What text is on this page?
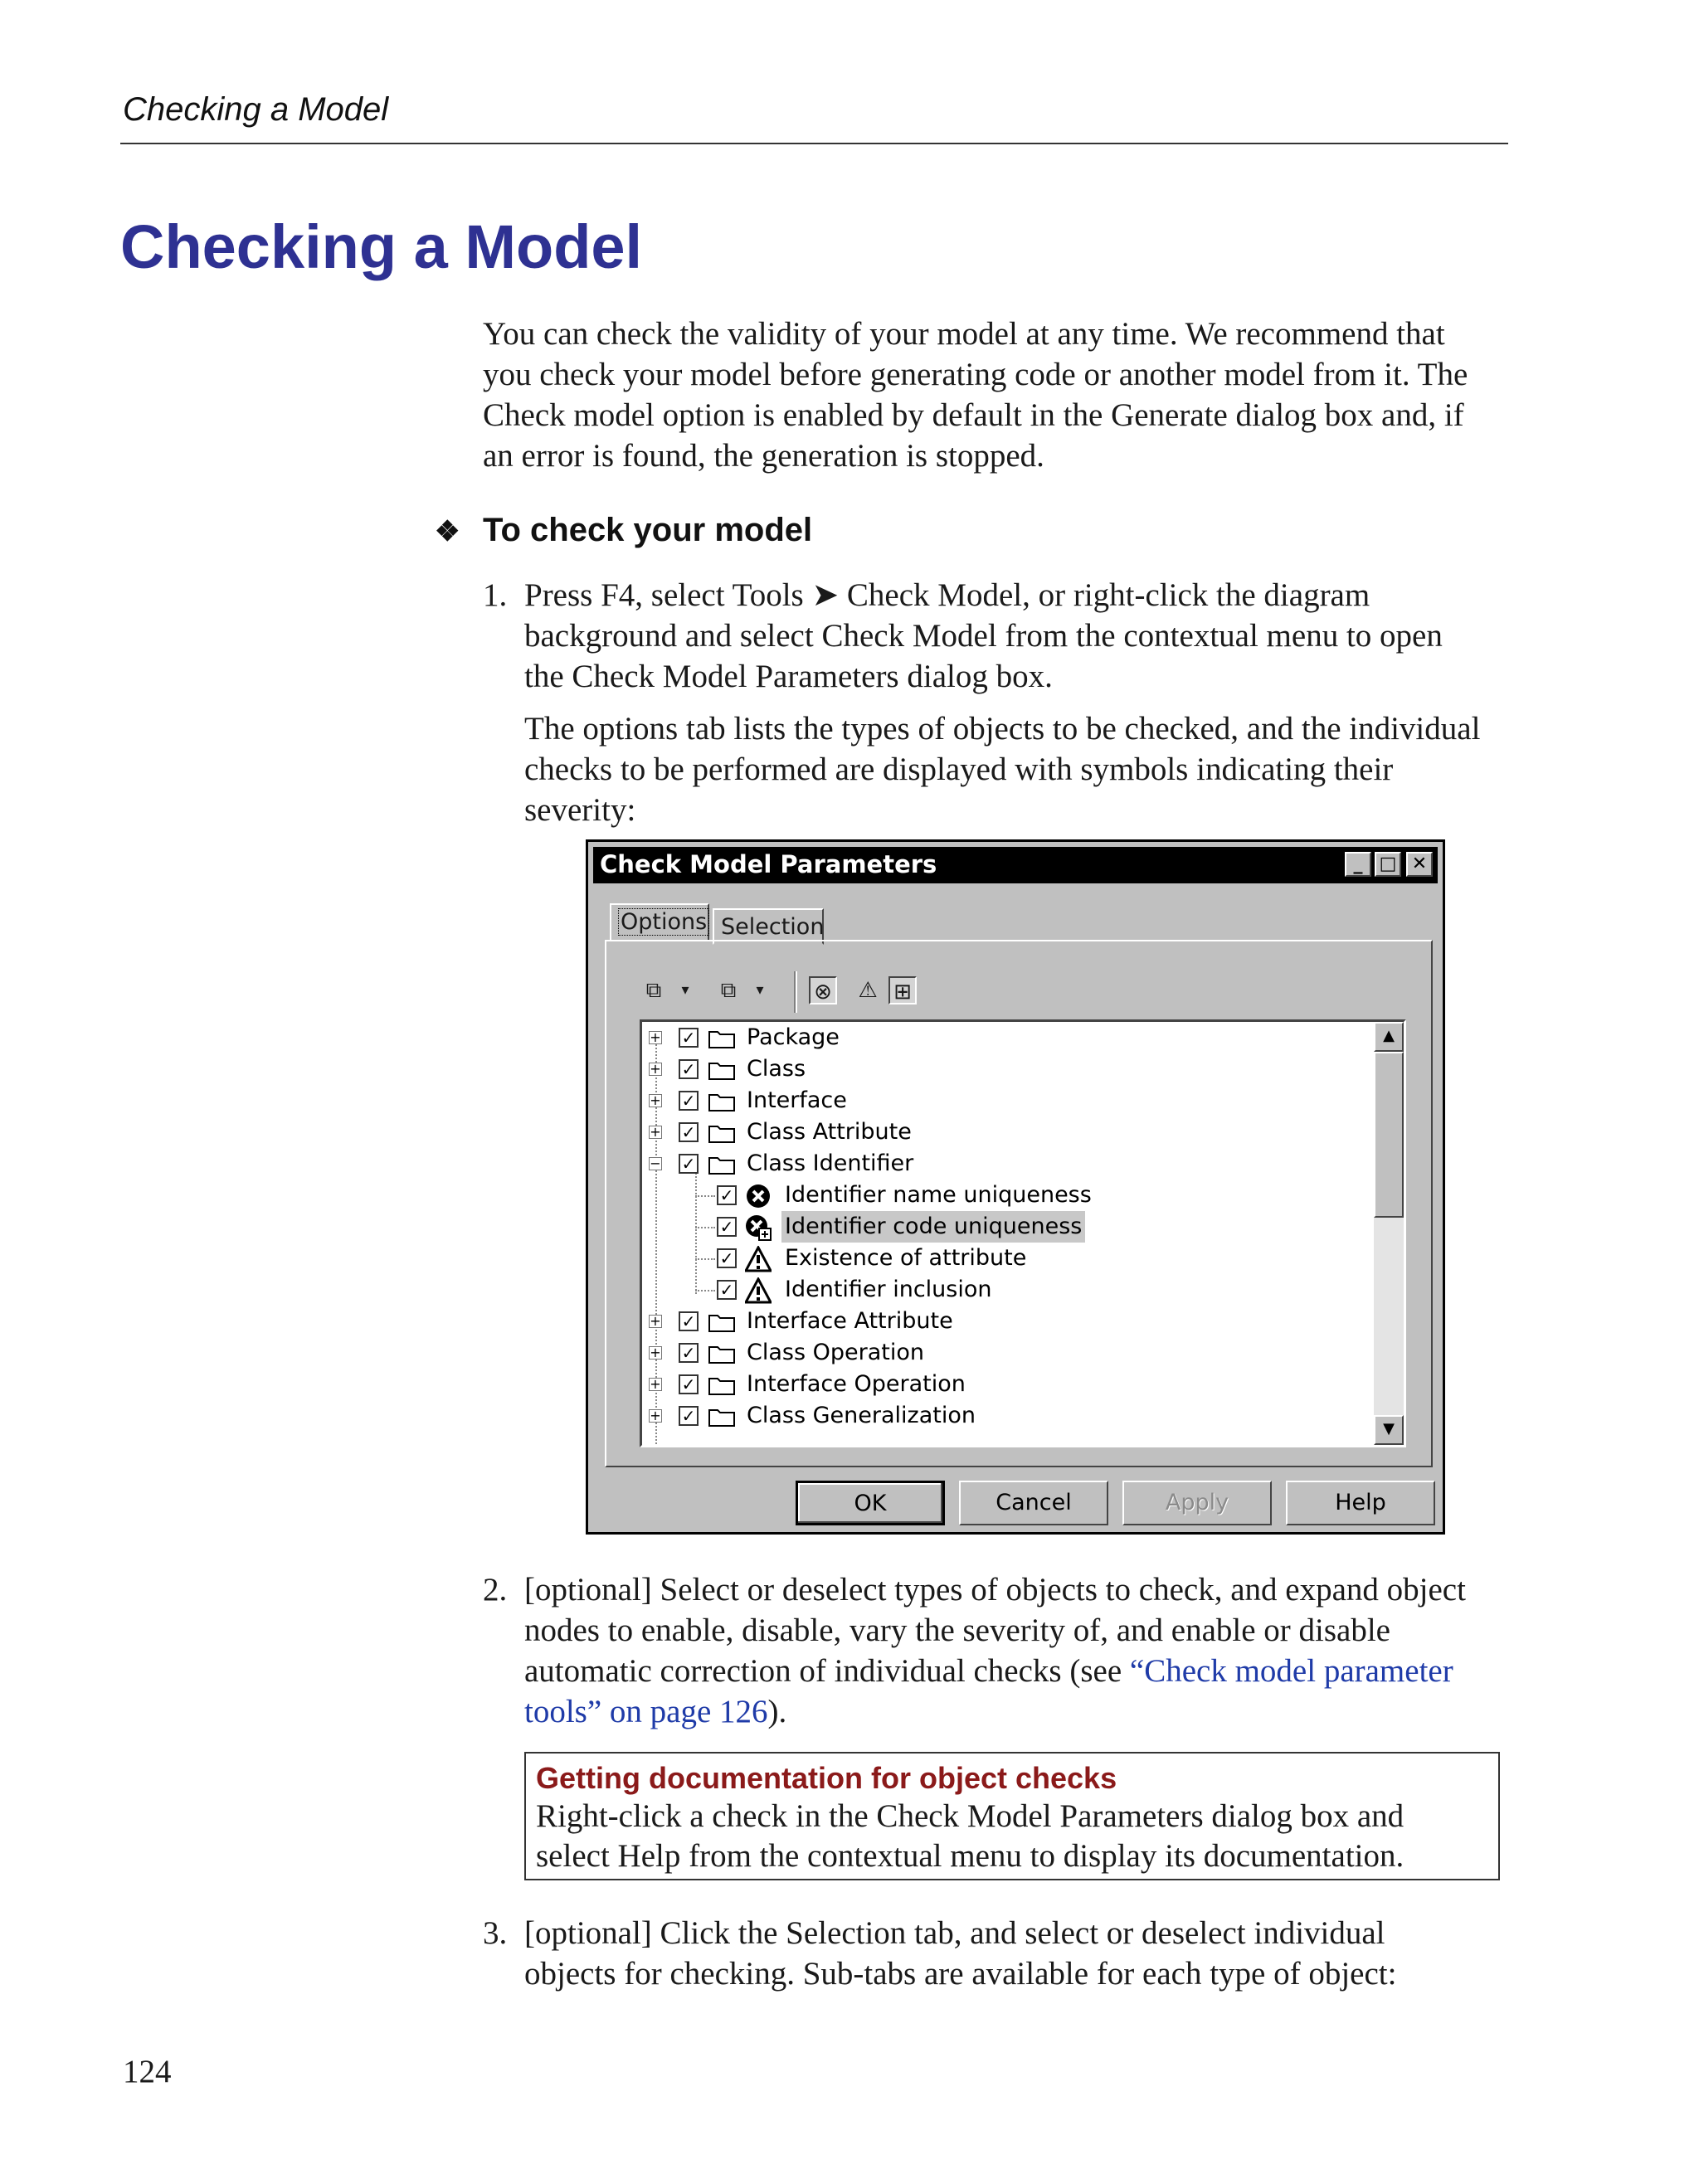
Checking a Model
Checking a Model
You can check the validity of your model at any time. We recommend that
you check your model before generating code or another model from it. The
Check model option is enabled by default in the Generate dialog box and, if
an error is found, the generation is stopped.
❖ To check your model
1. Press F4, select Tools ➤ Check Model, or right-click the diagram
background and select Check Model from the contextual menu to open
the Check Model Parameters dialog box.
The options tab lists the types of objects to be checked, and the individual
checks to be performed are displayed with symbols indicating their
severity:
Check Model Parameters	_ □ ✕
Options Selection
⧉	▾	⧉	▾	⊗ ⚠ ⊞
+ ✓ Package
+ ✓ Class
+ ✓ Interface
+ ✓ Class Attribute
− ✓ Class Identifier
✓ Identifier name uniqueness
✓ Identifier code uniqueness
✓ Existence of attribute
✓ Identifier inclusion
+ ✓ Interface Attribute
+ ✓ Class Operation
+ ✓ Interface Operation
+ ✓ Class Generalization
▲
▼
OK	Cancel	Apply	Help
2. [optional] Select or deselect types of objects to check, and expand object
nodes to enable, disable, vary the severity of, and enable or disable
automatic correction of individual checks (see “Check model parameter
tools” on page 126).
Getting documentation for object checks
Right-click a check in the Check Model Parameters dialog box and
select Help from the contextual menu to display its documentation.
3. [optional] Click the Selection tab, and select or deselect individual
objects for checking. Sub-tabs are available for each type of object:
124
